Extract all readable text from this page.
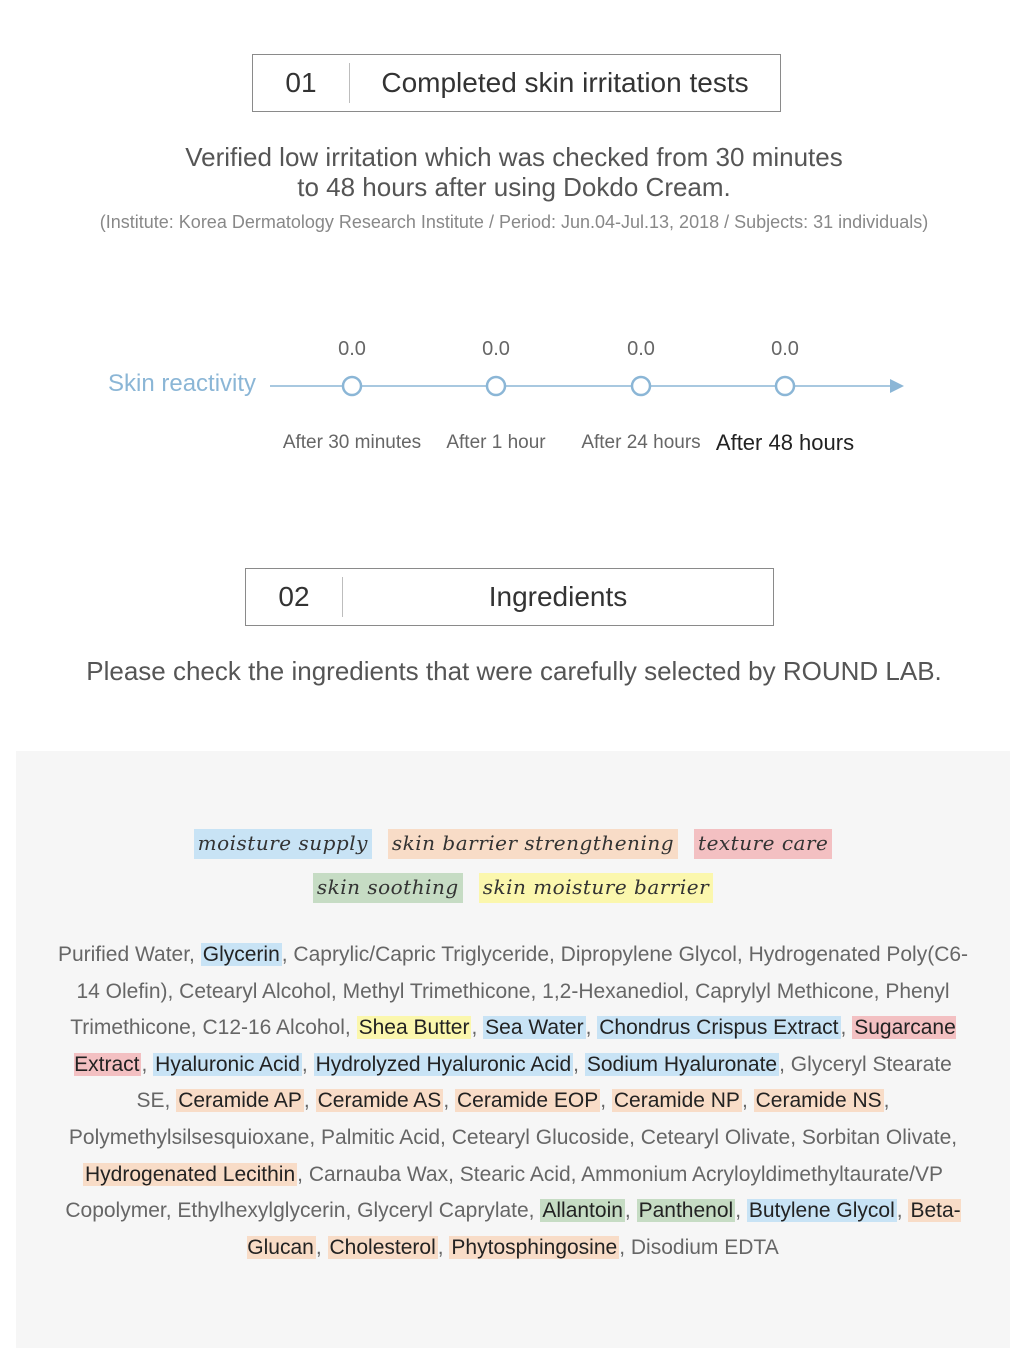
01	Completed skin irritation tests
Verified low irritation which was checked from 30 minutes
to 48 hours after using Dokdo Cream.
(Institute: Korea Dermatology Research Institute / Period: Jun.04-Jul.13, 2018 / Subjects: 31 individuals)
Skin reactivity
0.0	0.0	0.0	0.0
After 30 minutes After 1 hour After 24 hours After 48 hours
02	Ingredients
Please check the ingredients that were carefully selected by ROUND LAB.
moisture supply skin barrier strengthening texture care
skin soothing skin moisture barrier
Purified Water, Glycerin, Caprylic/Capric Triglyceride, Dipropylene Glycol, Hydrogenated Poly(C6-14 Olefin), Cetearyl Alcohol, Methyl Trimethicone, 1,2-Hexanediol, Caprylyl Methicone, Phenyl Trimethicone, C12-16 Alcohol, Shea Butter, Sea Water, Chondrus Crispus Extract, Sugarcane Extract, Hyaluronic Acid, Hydrolyzed Hyaluronic Acid, Sodium Hyaluronate, Glyceryl Stearate SE, Ceramide AP, Ceramide AS, Ceramide EOP, Ceramide NP, Ceramide NS, Polymethylsilsesquioxane, Palmitic Acid, Cetearyl Glucoside, Cetearyl Olivate, Sorbitan Olivate, Hydrogenated Lecithin, Carnauba Wax, Stearic Acid, Ammonium Acryloyldimethyltaurate/VP Copolymer, Ethylhexylglycerin, Glyceryl Caprylate, Allantoin, Panthenol, Butylene Glycol, Beta-Glucan, Cholesterol, Phytosphingosine, Disodium EDTA
